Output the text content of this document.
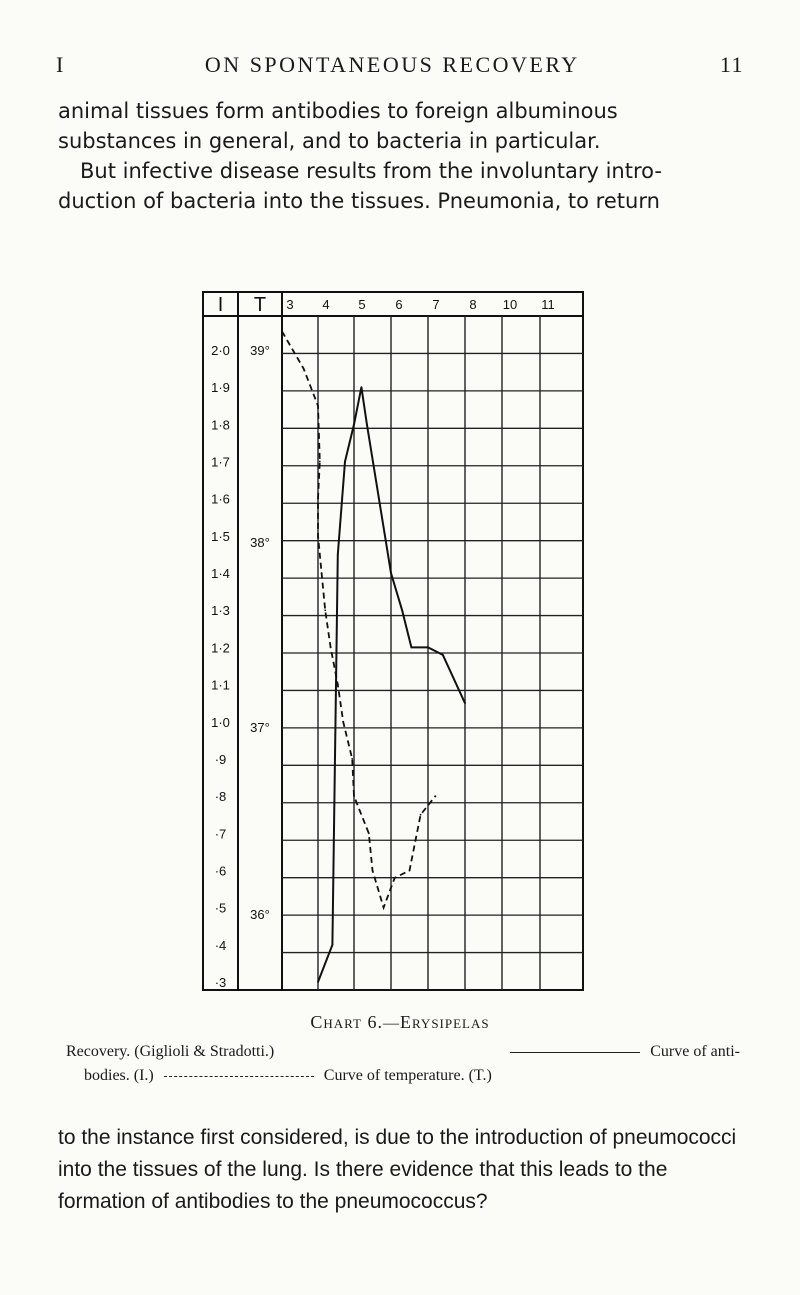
I	ON SPONTANEOUS RECOVERY	11

animal tissues form antibodies to foreign albuminous

substances in general, and to bacteria in particular.

But infective disease results from the involuntary intro-

duction of bacteria into the tissues. Pneumonia, to return

I T 3 4 5 6 7 8 10 11
2·0
1·9
1·8
1·7
1·6
1·5
1·4
1·3
1·2
1·1
1·0
·9
·8
·7
·6
·5
·4
·3
39°
38°
37°
36°
Chart 6.—Erysipelas
Recovery. (Giglioli & Stradotti.)	Curve of anti-
bodies. (I.)	Curve of temperature. (T.)

to the instance first considered, is due to the introduction of pneumococci into the tissues of the lung. Is there evidence that this leads to the formation of antibodies to the pneumococcus?
